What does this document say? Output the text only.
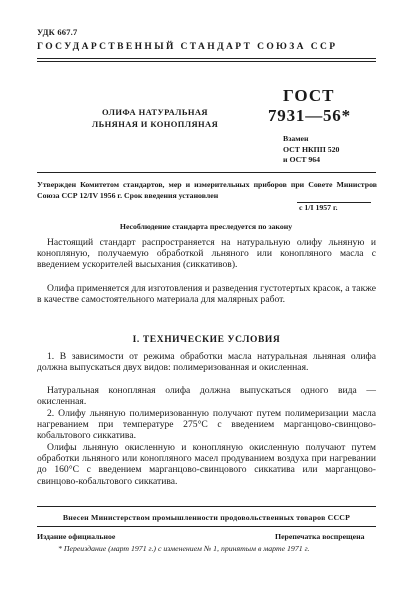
УДК 667.7
ГОСУДАРСТВЕННЫЙ СТАНДАРТ СОЮЗА ССР
ОЛИФА НАТУРАЛЬНАЯ
ЛЬНЯНАЯ И КОНОПЛЯНАЯ
ГОСТ
7931—56*
Взамен
ОСТ НКПП 520
и ОСТ 964
Утвержден Комитетом стандартов, мер и измерительных приборов при Совете Министров Союза ССР 12/IV 1956 г. Срок введения установлен
с 1/I 1957 г.
Несоблюдение стандарта преследуется по закону
Настоящий стандарт распространяется на натуральную олифу льняную и конопляную, получаемую обработкой льняного или конопляного масла с введением ускорителей высыхания (сиккативов).
Олифа применяется для изготовления и разведения густотертых красок, а также в качестве самостоятельного материала для малярных работ.
I. ТЕХНИЧЕСКИЕ УСЛОВИЯ
1. В зависимости от режима обработки масла натуральная льняная олифа должна выпускаться двух видов: полимеризованная и окисленная.
Натуральная конопляная олифа должна выпускаться одного вида — окисленная.
2. Олифу льняную полимеризованную получают путем полимеризации масла нагреванием при температуре 275°С с введением марганцово-свинцово-кобальтового сиккатива.
Олифы льняную окисленную и конопляную окисленную получают путем обработки льняного или конопляного масел продуванием воздуха при нагревании до 160°С с введением марганцово-свинцового сиккатива или марганцово-свинцово-кобальтового сиккатива.
Внесен Министерством промышленности продовольственных товаров СССР
Издание официальное	Перепечатка воспрещена
* Переиздание (март 1971 г.) с изменением № 1, принятым в марте 1971 г.
